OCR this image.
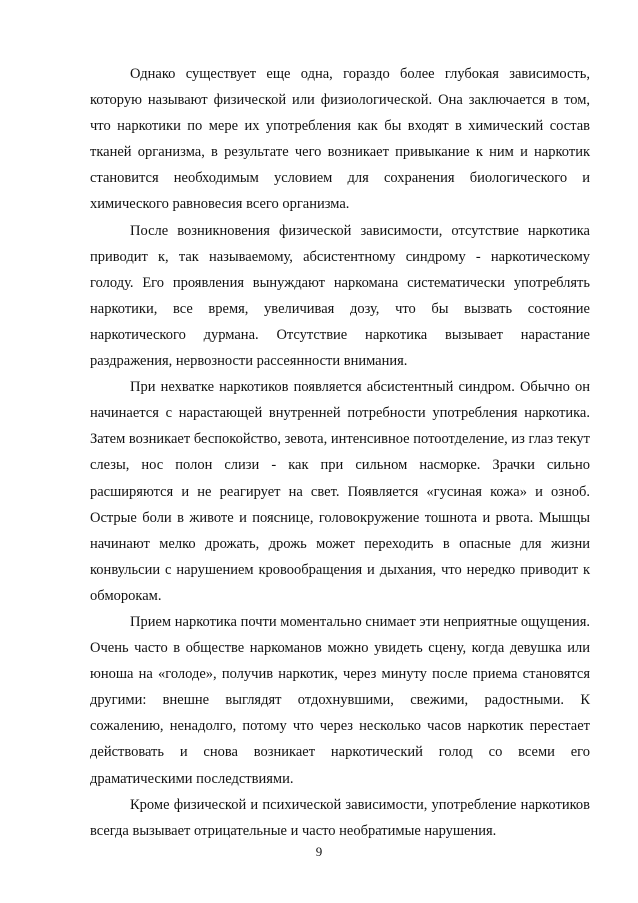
Однако существует еще одна, гораздо более глубокая зависимость, которую называют физической или физиологической. Она заключается в том, что наркотики по мере их употребления как бы входят в химический состав тканей организма, в результате чего возникает привыкание к ним и наркотик становится необходимым условием для сохранения биологического и химического равновесия всего организма.

После возникновения физической зависимости, отсутствие наркотика приводит к, так называемому, абсистентному синдрому - наркотическому голоду. Его проявления вынуждают наркомана систематически употреблять наркотики, все время, увеличивая дозу, что бы вызвать состояние наркотического дурмана. Отсутствие наркотика вызывает нарастание раздражения, нервозности рассеянности внимания.

При нехватке наркотиков появляется абсистентный синдром. Обычно он начинается с нарастающей внутренней потребности употребления наркотика. Затем возникает беспокойство, зевота, интенсивное потоотделение, из глаз текут слезы, нос полон слизи - как при сильном насморке. Зрачки сильно расширяются и не реагирует на свет. Появляется «гусиная кожа» и озноб. Острые боли в животе и пояснице, головокружение тошнота и рвота. Мышцы начинают мелко дрожать, дрожь может переходить в опасные для жизни конвульсии с нарушением кровообращения и дыхания, что нередко приводит к обморокам.

Прием наркотика почти моментально снимает эти неприятные ощущения. Очень часто в обществе наркоманов можно увидеть сцену, когда девушка или юноша на «голоде», получив наркотик, через минуту после приема становятся другими: внешне выглядят отдохнувшими, свежими, радостными. К сожалению, ненадолго, потому что через несколько часов наркотик перестает действовать и снова возникает наркотический голод со всеми его драматическими последствиями.

Кроме физической и психической зависимости, употребление наркотиков всегда вызывает отрицательные и часто необратимые нарушения.

9
